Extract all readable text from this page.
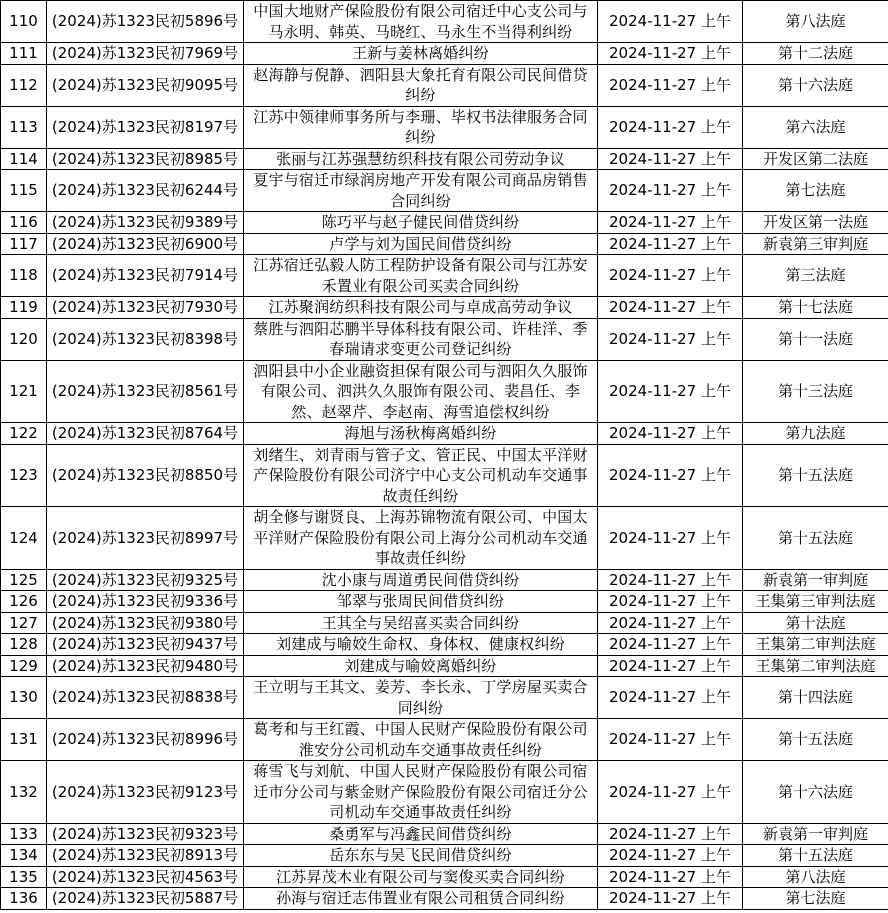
110	(2024)苏1323民初5896号	中国大地财产保险股份有限公司宿迁中心支公司与马永明、韩英、马晓红、马永生不当得利纠纷	2024-11-27 上午	第八法庭
111	(2024)苏1323民初7969号	王新与姜林离婚纠纷	2024-11-27 上午	第十二法庭
112	(2024)苏1323民初9095号	赵海静与倪静、泗阳县大象托育有限公司民间借贷纠纷	2024-11-27 上午	第十六法庭
113	(2024)苏1323民初8197号	江苏中领律师事务所与李珊、毕权书法律服务合同纠纷	2024-11-27 上午	第六法庭
114	(2024)苏1323民初8985号	张丽与江苏强慧纺织科技有限公司劳动争议	2024-11-27 上午	开发区第二法庭
115	(2024)苏1323民初6244号	夏宇与宿迁市绿润房地产开发有限公司商品房销售合同纠纷	2024-11-27 上午	第七法庭
116	(2024)苏1323民初9389号	陈巧平与赵子健民间借贷纠纷	2024-11-27 上午	开发区第一法庭
117	(2024)苏1323民初6900号	卢学与刘为国民间借贷纠纷	2024-11-27 上午	新袁第三审判庭
118	(2024)苏1323民初7914号	江苏宿迁弘毅人防工程防护设备有限公司与江苏安禾置业有限公司买卖合同纠纷	2024-11-27 上午	第三法庭
119	(2024)苏1323民初7930号	江苏聚润纺织科技有限公司与卓成高劳动争议	2024-11-27 上午	第十七法庭
120	(2024)苏1323民初8398号	蔡胜与泗阳芯鹏半导体科技有限公司、许桂洋、季春瑞请求变更公司登记纠纷	2024-11-27 上午	第十一法庭
121	(2024)苏1323民初8561号	泗阳县中小企业融资担保有限公司与泗阳久久服饰有限公司、泗洪久久服饰有限公司、裴昌任、李然、赵翠芹、李赵南、海雪追偿权纠纷	2024-11-27 上午	第十三法庭
122	(2024)苏1323民初8764号	海旭与汤秋梅离婚纠纷	2024-11-27 上午	第九法庭
123	(2024)苏1323民初8850号	刘绪生、刘青雨与管子文、管正民、中国太平洋财产保险股份有限公司济宁中心支公司机动车交通事故责任纠纷	2024-11-27 上午	第十五法庭
124	(2024)苏1323民初8997号	胡全修与谢贤良、上海苏锦物流有限公司、中国太平洋财产保险股份有限公司上海分公司机动车交通事故责任纠纷	2024-11-27 上午	第十五法庭
125	(2024)苏1323民初9325号	沈小康与周道勇民间借贷纠纷	2024-11-27 上午	新袁第一审判庭
126	(2024)苏1323民初9336号	邹翠与张周民间借贷纠纷	2024-11-27 上午	王集第三审判法庭
127	(2024)苏1323民初9380号	王其全与吴绍喜买卖合同纠纷	2024-11-27 上午	第十法庭
128	(2024)苏1323民初9437号	刘建成与喻姣生命权、身体权、健康权纠纷	2024-11-27 上午	王集第二审判法庭
129	(2024)苏1323民初9480号	刘建成与喻姣离婚纠纷	2024-11-27 上午	王集第二审判法庭
130	(2024)苏1323民初8838号	王立明与王其文、姜芳、李长永、丁学房屋买卖合同纠纷	2024-11-27 上午	第十四法庭
131	(2024)苏1323民初8996号	葛考和与王红霞、中国人民财产保险股份有限公司淮安分公司机动车交通事故责任纠纷	2024-11-27 上午	第十五法庭
132	(2024)苏1323民初9123号	蒋雪飞与刘航、中国人民财产保险股份有限公司宿迁市分公司与紫金财产保险股份有限公司宿迁分公司机动车交通事故责任纠纷	2024-11-27 上午	第十六法庭
133	(2024)苏1323民初9323号	桑勇军与冯鑫民间借贷纠纷	2024-11-27 上午	新袁第一审判庭
134	(2024)苏1323民初8913号	岳东东与吴飞民间借贷纠纷	2024-11-27 上午	第十五法庭
135	(2024)苏1323民初4563号	江苏昇茂木业有限公司与窦俊买卖合同纠纷	2024-11-27 上午	第八法庭
136	(2024)苏1323民初5887号	孙海与宿迁志伟置业有限公司租赁合同纠纷	2024-11-27 上午	第七法庭
